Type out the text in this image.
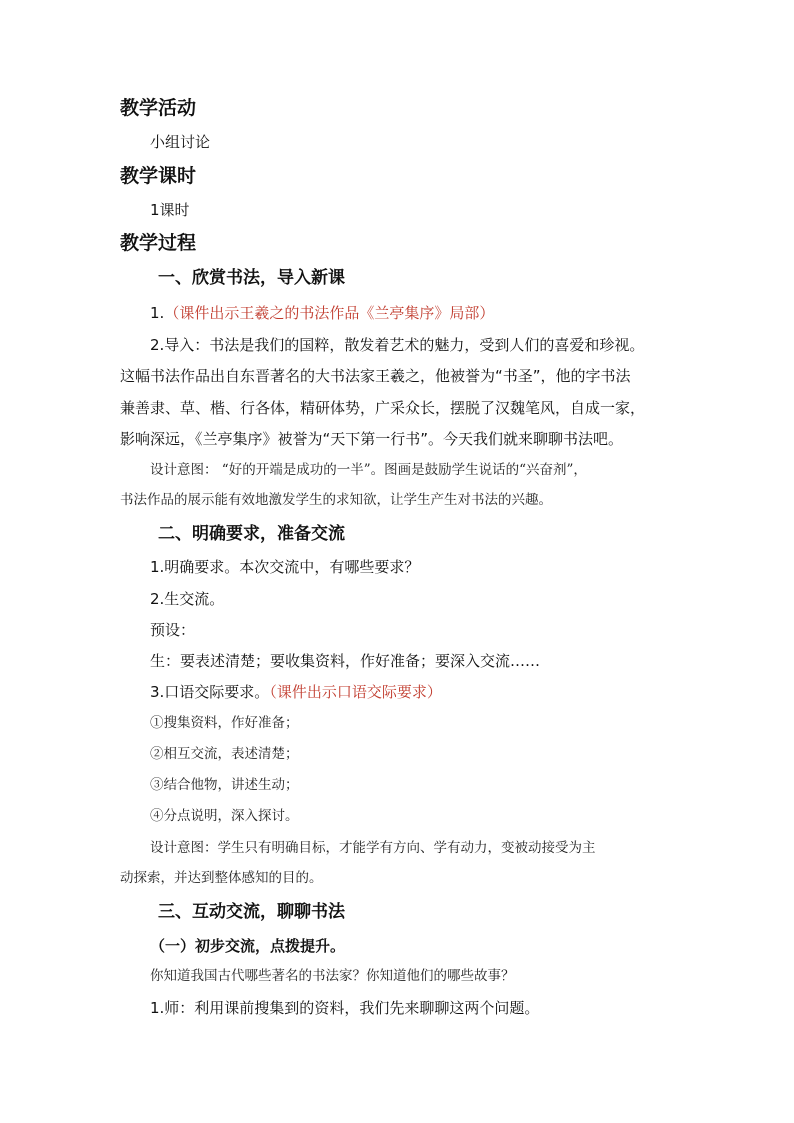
教学活动
小组讨论
教学课时
1课时
教学过程
一、欣赏书法，导入新课
1.（课件出示王羲之的书法作品《兰亭集序》局部）
2.导入：书法是我们的国粹，散发着艺术的魅力，受到人们的喜爱和珍视。
这幅书法作品出自东晋著名的大书法家王羲之，他被誉为“书圣”，他的字书法
兼善隶、草、楷、行各体，精研体势，广采众长，摆脱了汉魏笔风，自成一家，
影响深远，《兰亭集序》被誉为“天下第一行书”。今天我们就来聊聊书法吧。
设计意图： “好的开端是成功的一半”。图画是鼓励学生说话的“兴奋剂”，
书法作品的展示能有效地激发学生的求知欲，让学生产生对书法的兴趣。
二、明确要求，准备交流
1.明确要求。本次交流中，有哪些要求？
2.生交流。
预设：
生：要表述清楚；要收集资料，作好准备；要深入交流……
3.口语交际要求。（课件出示口语交际要求）
①搜集资料，作好准备；
②相互交流，表述清楚；
③结合他物，讲述生动；
④分点说明，深入探讨。
设计意图：学生只有明确目标，才能学有方向、学有动力，变被动接受为主
动探索，并达到整体感知的目的。
三、互动交流，聊聊书法
（一）初步交流，点拨提升。
你知道我国古代哪些著名的书法家？你知道他们的哪些故事？
1.师：利用课前搜集到的资料，我们先来聊聊这两个问题。
